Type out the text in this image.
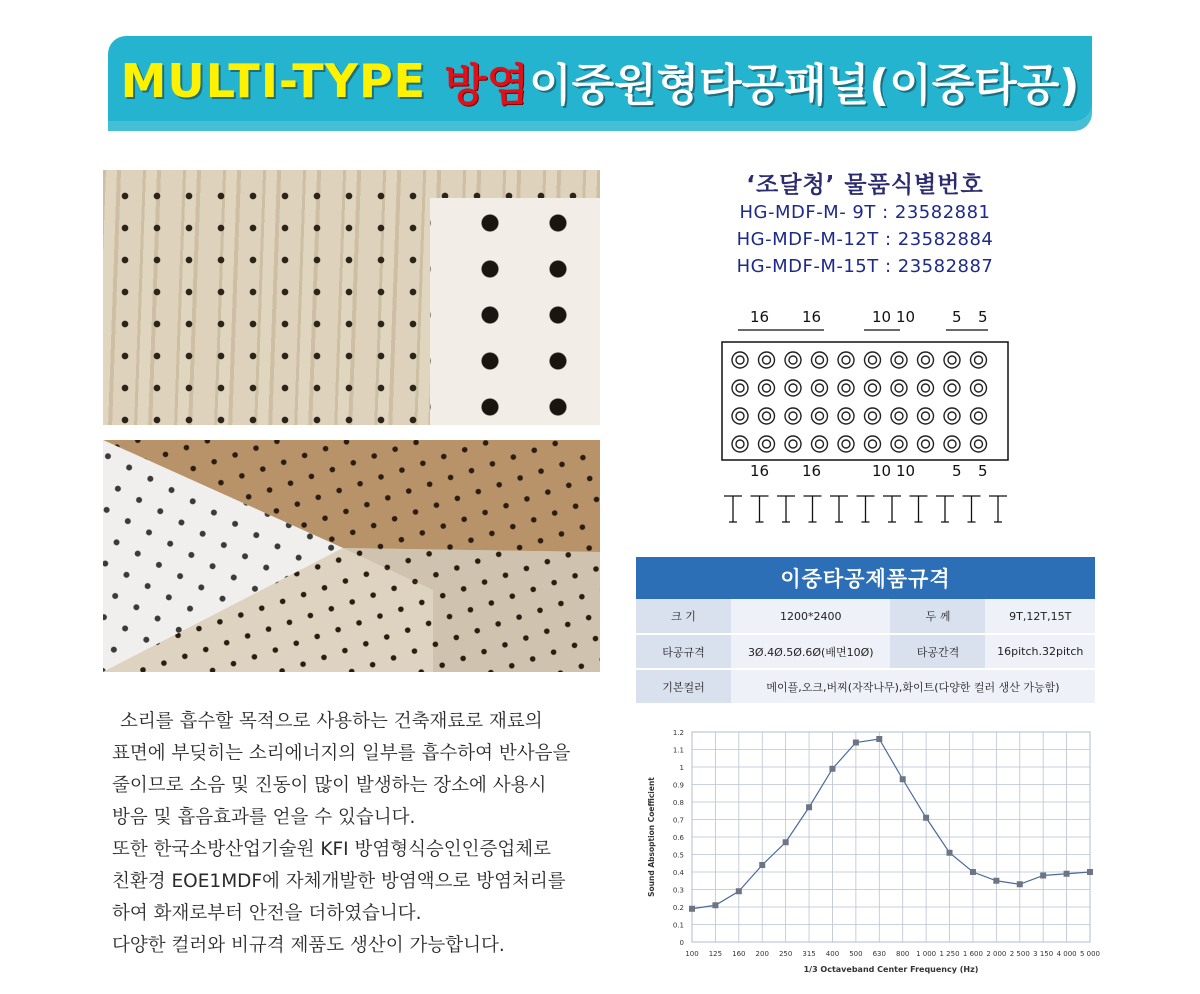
MULTI-TYPE 방염 이중원형타공패널(이중타공)
‘조달청’ 물품식별번호
HG-MDF-M- 9T : 23582881
HG-MDF-M-12T : 23582884
HG-MDF-M-15T : 23582887
16 16	10 10 5 5
16 16	10 10 5 5
이중타공제품규격
크 기	1200*2400	두 께	9T,12T,15T
타공규격	3Ø.4Ø.5Ø.6Ø(배면10Ø)	타공간격	16pitch.32pitch
기본컬러	메이플,오크,버찌(자작나무),화이트(다양한 컬러 생산 가능함)		

소리를 흡수할 목적으로 사용하는 건축재료로 재료의

표면에 부딪히는 소리에너지의 일부를 흡수하여 반사음을

줄이므로 소음 및 진동이 많이 발생하는 장소에 사용시

방음 및 흡음효과를 얻을 수 있습니다.

또한 한국소방산업기술원 KFI 방염형식승인인증업체로

친환경 EOE1MDF에 자체개발한 방염액으로 방염처리를

하여 화재로부터 안전을 더하였습니다.

다양한 컬러와 비규격 제품도 생산이 가능합니다.	0
0.1
0.2
0.3
0.4
0.5
0.6
0.7
0.8
0.9
1
1.1
1.2
100 125 160 200 250 315 400 500 630 800 1 000 1 250 1 600 2 000 2 500 3 150 4 000 5 000
1/3 Octaveband Center Frequency (Hz)
Sound Absoption Coefficient
